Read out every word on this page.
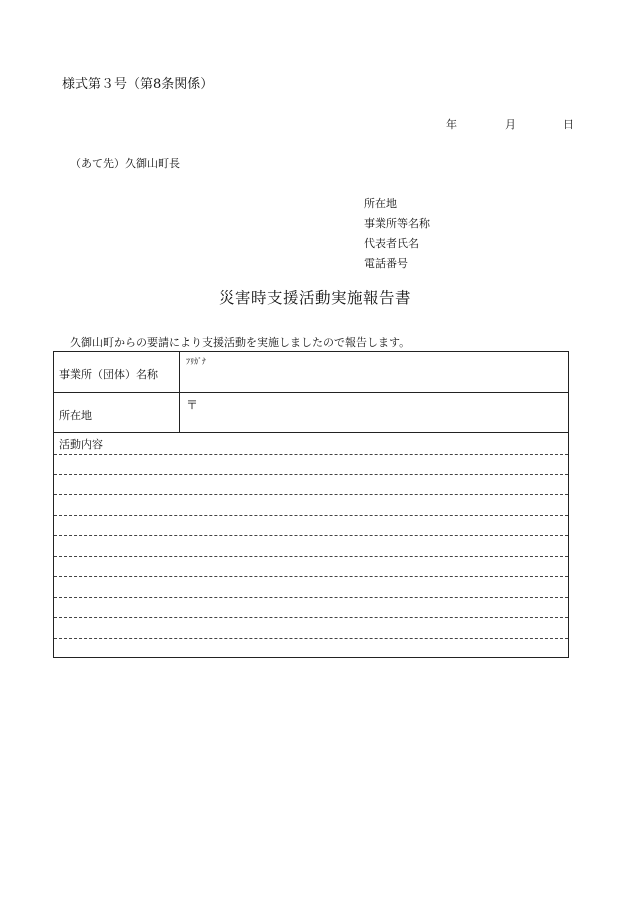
様式第３号（第8条関係）
年	月	日
（あて先）久御山町長
所在地
事業所等名称
代表者氏名
電話番号
災害時支援活動実施報告書
久御山町からの要請により支援活動を実施しましたので報告します。
事業所（団体）名称
ﾌﾘｶﾞﾅ
所在地
〒
活動内容
